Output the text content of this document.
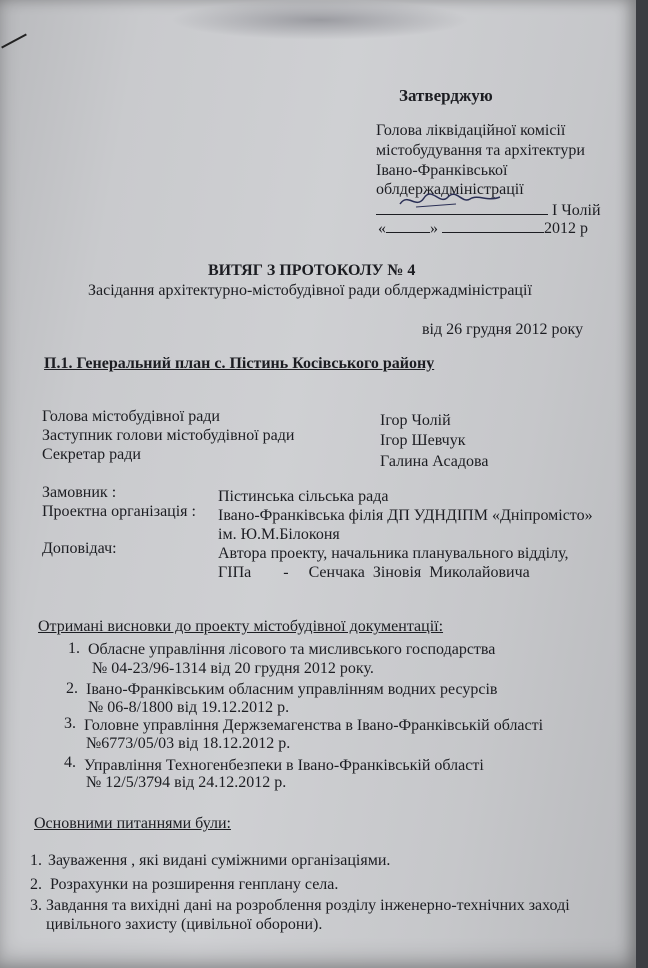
Затверджую
Голова ліквідаційної комісії
містобудування та архітектури
Івано-Франківської
облдержадміністрації
І Чолій
«	»	2012 р
ВИТЯГ З ПРОТОКОЛУ № 4
Засідання архітектурно-містобудівної ради облдержадміністрації
від 26 грудня 2012 року
П.1. Генеральний план с. Пістинь Косівського району
Голова містобудівної ради	Ігор Чолій
Заступник голови містобудівної ради	Ігор Шевчук
Секретар ради	Галина Асадова
Замовник :	Пістинська сільська рада
Проектна організація : Івано-Франківська філія ДП УДНДІПМ «Дніпромісто»
ім. Ю.М.Білоконя
Доповідач:	Автора проекту, начальника планувального відділу,
ГІПа        -     Сенчака  Зіновія  Миколайовича
Отримані висновки до проекту містобудівної документації:
1. Обласне управління лісового та мисливського господарства
№ 04-23/96-1314 від 20 грудня 2012 року.
2. Івано-Франківським обласним управлінням водних ресурсів
№ 06-8/1800 від 19.12.2012 р.
3. Головне управління Держземагенства в Івано-Франківській області
№6773/05/03 від 18.12.2012 р.
4. Управління Техногенбезпеки в Івано-Франківській області
№ 12/5/3794 від 24.12.2012 р.
Основними питаннями були:
1. Зауваження , які видані суміжними організаціями.
2. Розрахунки на розширення генплану села.
3. Завдання та вихідні дані на розроблення розділу інженерно-технічних заході
цивільного захисту (цивільної оборони).
